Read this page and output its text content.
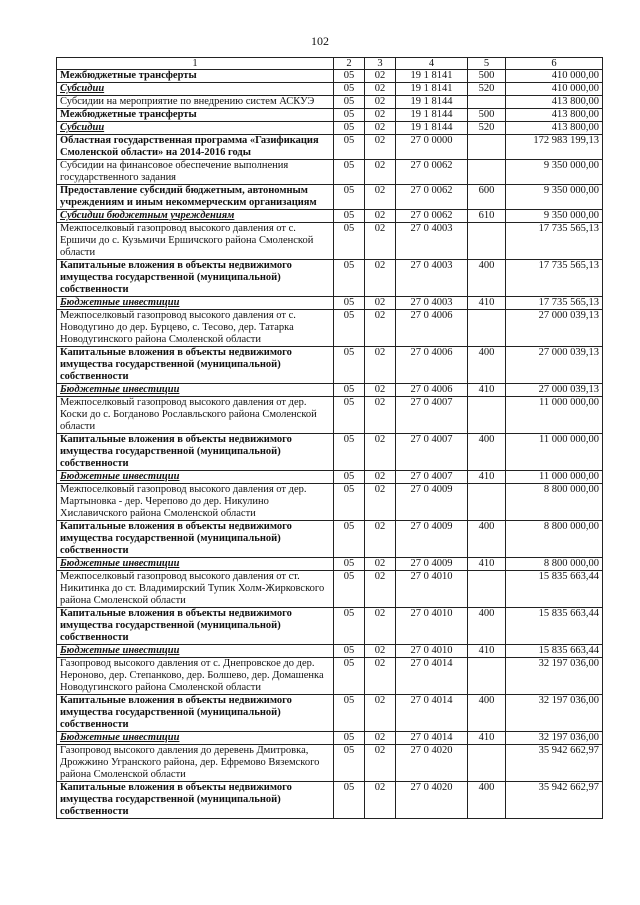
102
1	2	3	4	5	6
Межбюджетные трансферты	05	02	19 1 8141	500	410 000,00
Субсидии	05	02	19 1 8141	520	410 000,00
Субсидии на мероприятие по внедрению систем АСКУЭ	05	02	19 1 8144		413 800,00
Межбюджетные трансферты	05	02	19 1 8144	500	413 800,00
Субсидии	05	02	19 1 8144	520	413 800,00
Областная государственная программа «Газификация Смоленской области» на 2014-2016 годы	05	02	27 0 0000		172 983 199,13
Субсидии на финансовое обеспечение выполнения государственного задания	05	02	27 0 0062		9 350 000,00
Предоставление субсидий бюджетным, автономным учреждениям и иным некоммерческим организациям	05	02	27 0 0062	600	9 350 000,00
Субсидии бюджетным учреждениям	05	02	27 0 0062	610	9 350 000,00
Межпоселковый газопровод высокого давления от с. Ершичи до с. Кузьмичи Ершичского района Смоленской области	05	02	27 0 4003		17 735 565,13
Капитальные вложения в объекты недвижимого имущества государственной (муниципальной) собственности	05	02	27 0 4003	400	17 735 565,13
Бюджетные инвестиции	05	02	27 0 4003	410	17 735 565,13
Межпоселковый газопровод высокого давления от с. Новодугино до дер. Бурцево, с. Тесово, дер. Татарка Новодугинского района Смоленской области	05	02	27 0 4006		27 000 039,13
Капитальные вложения в объекты недвижимого имущества государственной (муниципальной) собственности	05	02	27 0 4006	400	27 000 039,13
Бюджетные инвестиции	05	02	27 0 4006	410	27 000 039,13
Межпоселковый газопровод высокого давления от дер. Коски до с. Богданово Рославльского района Смоленской области	05	02	27 0 4007		11 000 000,00
Капитальные вложения в объекты недвижимого имущества государственной (муниципальной) собственности	05	02	27 0 4007	400	11 000 000,00
Бюджетные инвестиции	05	02	27 0 4007	410	11 000 000,00
Межпоселковый газопровод высокого давления от дер. Мартыновка - дер. Черепово до дер. Никулино Хиславичского района Смоленской области	05	02	27 0 4009		8 800 000,00
Капитальные вложения в объекты недвижимого имущества государственной (муниципальной) собственности	05	02	27 0 4009	400	8 800 000,00
Бюджетные инвестиции	05	02	27 0 4009	410	8 800 000,00
Межпоселковый газопровод высокого давления от ст. Никитинка до ст. Владимирский Тупик Холм-Жирковского района Смоленской области	05	02	27 0 4010		15 835 663,44
Капитальные вложения в объекты недвижимого имущества государственной (муниципальной) собственности	05	02	27 0 4010	400	15 835 663,44
Бюджетные инвестиции	05	02	27 0 4010	410	15 835 663,44
Газопровод высокого давления от с. Днепровское до дер. Нероново, дер. Степанково, дер. Болшево, дер. Домашенка Новодугинского района Смоленской области	05	02	27 0 4014		32 197 036,00
Капитальные вложения в объекты недвижимого имущества государственной (муниципальной) собственности	05	02	27 0 4014	400	32 197 036,00
Бюджетные инвестиции	05	02	27 0 4014	410	32 197 036,00
Газопровод высокого давления до деревень Дмитровка, Дрожжино Угранского района, дер. Ефремово Вяземского района Смоленской области	05	02	27 0 4020		35 942 662,97
Капитальные вложения в объекты недвижимого имущества государственной (муниципальной) собственности	05	02	27 0 4020	400	35 942 662,97
